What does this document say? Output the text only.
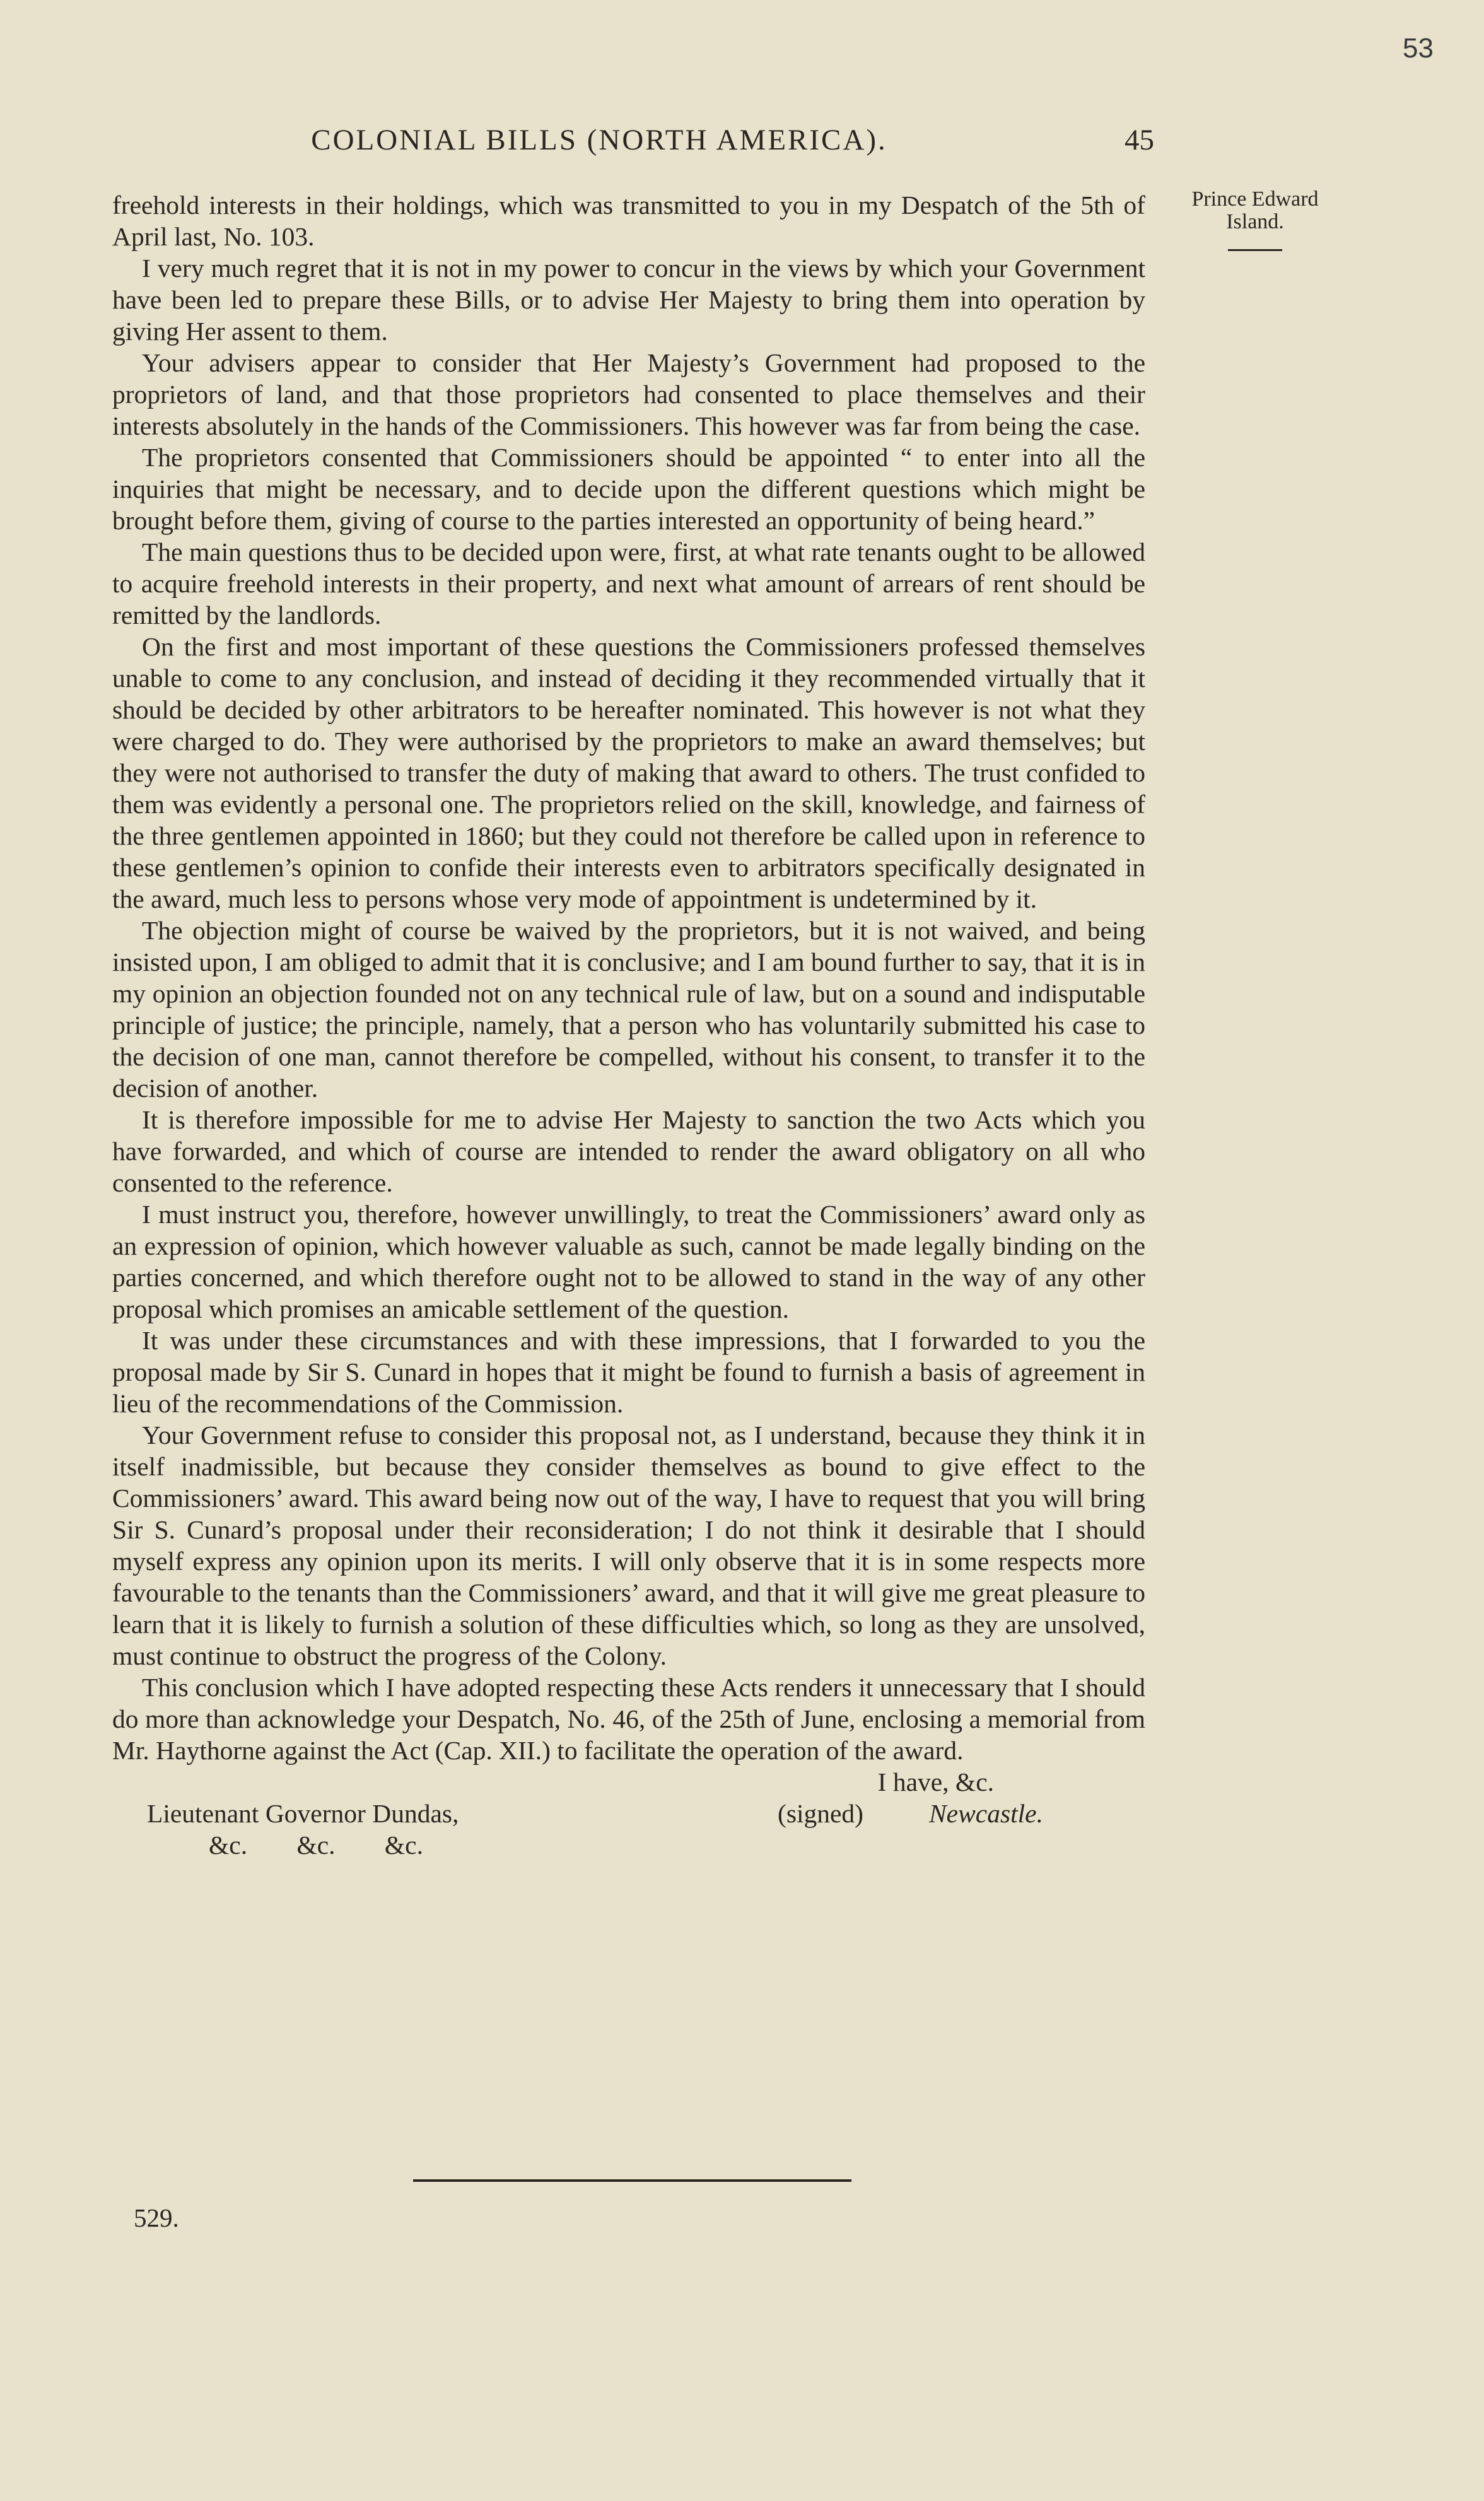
53
COLONIAL BILLS (NORTH AMERICA).	45
Prince Edward
Island.

freehold interests in their holdings, which was transmitted to you in my Despatch of the 5th of April last, No. 103.

I very much regret that it is not in my power to concur in the views by which your Government have been led to prepare these Bills, or to advise Her Majesty to bring them into operation by giving Her assent to them.

Your advisers appear to consider that Her Majesty’s Government had proposed to the proprietors of land, and that those proprietors had consented to place themselves and their interests absolutely in the hands of the Commissioners. This however was far from being the case.

The proprietors consented that Commissioners should be appointed “ to enter into all the inquiries that might be necessary, and to decide upon the different questions which might be brought before them, giving of course to the parties interested an opportunity of being heard.”

The main questions thus to be decided upon were, first, at what rate tenants ought to be allowed to acquire freehold interests in their property, and next what amount of arrears of rent should be remitted by the landlords.

On the first and most important of these questions the Commissioners professed themselves unable to come to any conclusion, and instead of deciding it they recommended virtually that it should be decided by other arbitrators to be hereafter nominated. This however is not what they were charged to do. They were authorised by the proprietors to make an award themselves; but they were not authorised to transfer the duty of making that award to others. The trust confided to them was evidently a personal one. The proprietors relied on the skill, knowledge, and fairness of the three gentlemen appointed in 1860; but they could not therefore be called upon in reference to these gentlemen’s opinion to confide their interests even to arbitrators specifically designated in the award, much less to persons whose very mode of appointment is undetermined by it.

The objection might of course be waived by the proprietors, but it is not waived, and being insisted upon, I am obliged to admit that it is conclusive; and I am bound further to say, that it is in my opinion an objection founded not on any technical rule of law, but on a sound and indisputable principle of justice; the principle, namely, that a person who has voluntarily submitted his case to the decision of one man, cannot therefore be compelled, without his consent, to transfer it to the decision of another.

It is therefore impossible for me to advise Her Majesty to sanction the two Acts which you have forwarded, and which of course are intended to render the award obligatory on all who consented to the reference.

I must instruct you, therefore, however unwillingly, to treat the Commissioners’ award only as an expression of opinion, which however valuable as such, cannot be made legally binding on the parties concerned, and which therefore ought not to be allowed to stand in the way of any other proposal which promises an amicable settlement of the question.

It was under these circumstances and with these impressions, that I forwarded to you the proposal made by Sir S. Cunard in hopes that it might be found to furnish a basis of agreement in lieu of the recommendations of the Commission.

Your Government refuse to consider this proposal not, as I understand, because they think it in itself inadmissible, but because they consider themselves as bound to give effect to the Commissioners’ award. This award being now out of the way, I have to request that you will bring Sir S. Cunard’s proposal under their reconsideration; I do not think it desirable that I should myself express any opinion upon its merits. I will only observe that it is in some respects more favourable to the tenants than the Commissioners’ award, and that it will give me great pleasure to learn that it is likely to furnish a solution of these difficulties which, so long as they are unsolved, must continue to obstruct the progress of the Colony.

This conclusion which I have adopted respecting these Acts renders it unnecessary that I should do more than acknowledge your Despatch, No. 46, of the 25th of June, enclosing a memorial from Mr. Haythorne against the Act (Cap. XII.) to facilitate the operation of the award.

I have, &c.
Lieutenant Governor Dundas,	(signed)	Newcastle.
&c. &c. &c.
529.
